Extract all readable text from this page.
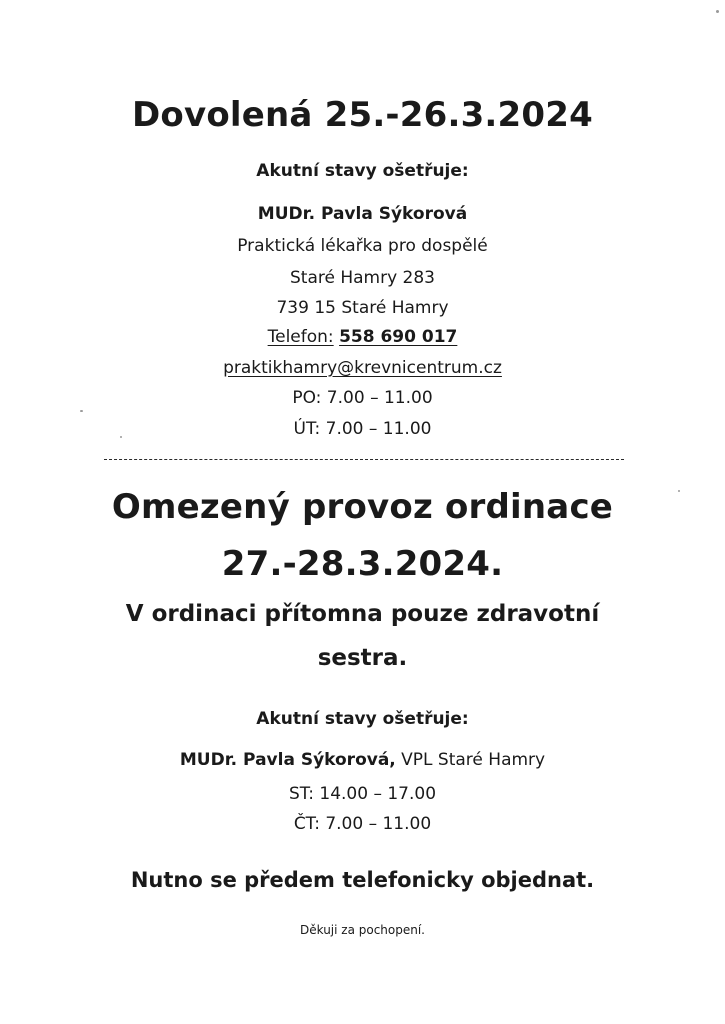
Dovolená 25.-26.3.2024
Akutní stavy ošetřuje:
MUDr. Pavla Sýkorová
Praktická lékařka pro dospělé
Staré Hamry 283
739 15 Staré Hamry
Telefon: 558 690 017
praktikhamry@krevnicentrum.cz
PO: 7.00 – 11.00
ÚT: 7.00 – 11.00
Omezený provoz ordinace
27.-28.3.2024.
V ordinaci přítomna pouze zdravotní
sestra.
Akutní stavy ošetřuje:
MUDr. Pavla Sýkorová, VPL Staré Hamry
ST: 14.00 – 17.00
ČT: 7.00 – 11.00
Nutno se předem telefonicky objednat.
Děkuji za pochopení.
